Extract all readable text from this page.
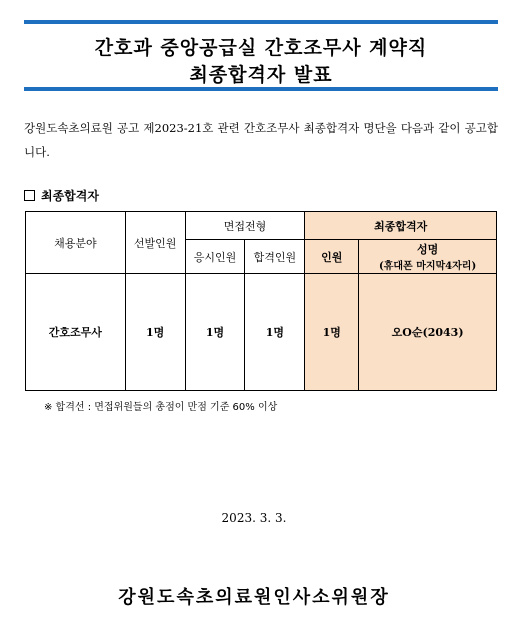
간호과 중앙공급실 간호조무사 계약직
최종합격자 발표
강원도속초의료원 공고 제2023-21호 관련 간호조무사 최종합격자 명단을 다음과 같이 공고합니다.
최종합격자
채용분야	선발인원	면접전형		최종합격자	
		응시인원	합격인원	인원	성명
(휴대폰 마지막4자리)

간호조무사	1명	1명	1명	1명	오O순(2043)
※ 합격선 : 면접위원들의 총점이 만점 기준 60% 이상
2023. 3. 3.
강원도속초의료원인사소위원장
